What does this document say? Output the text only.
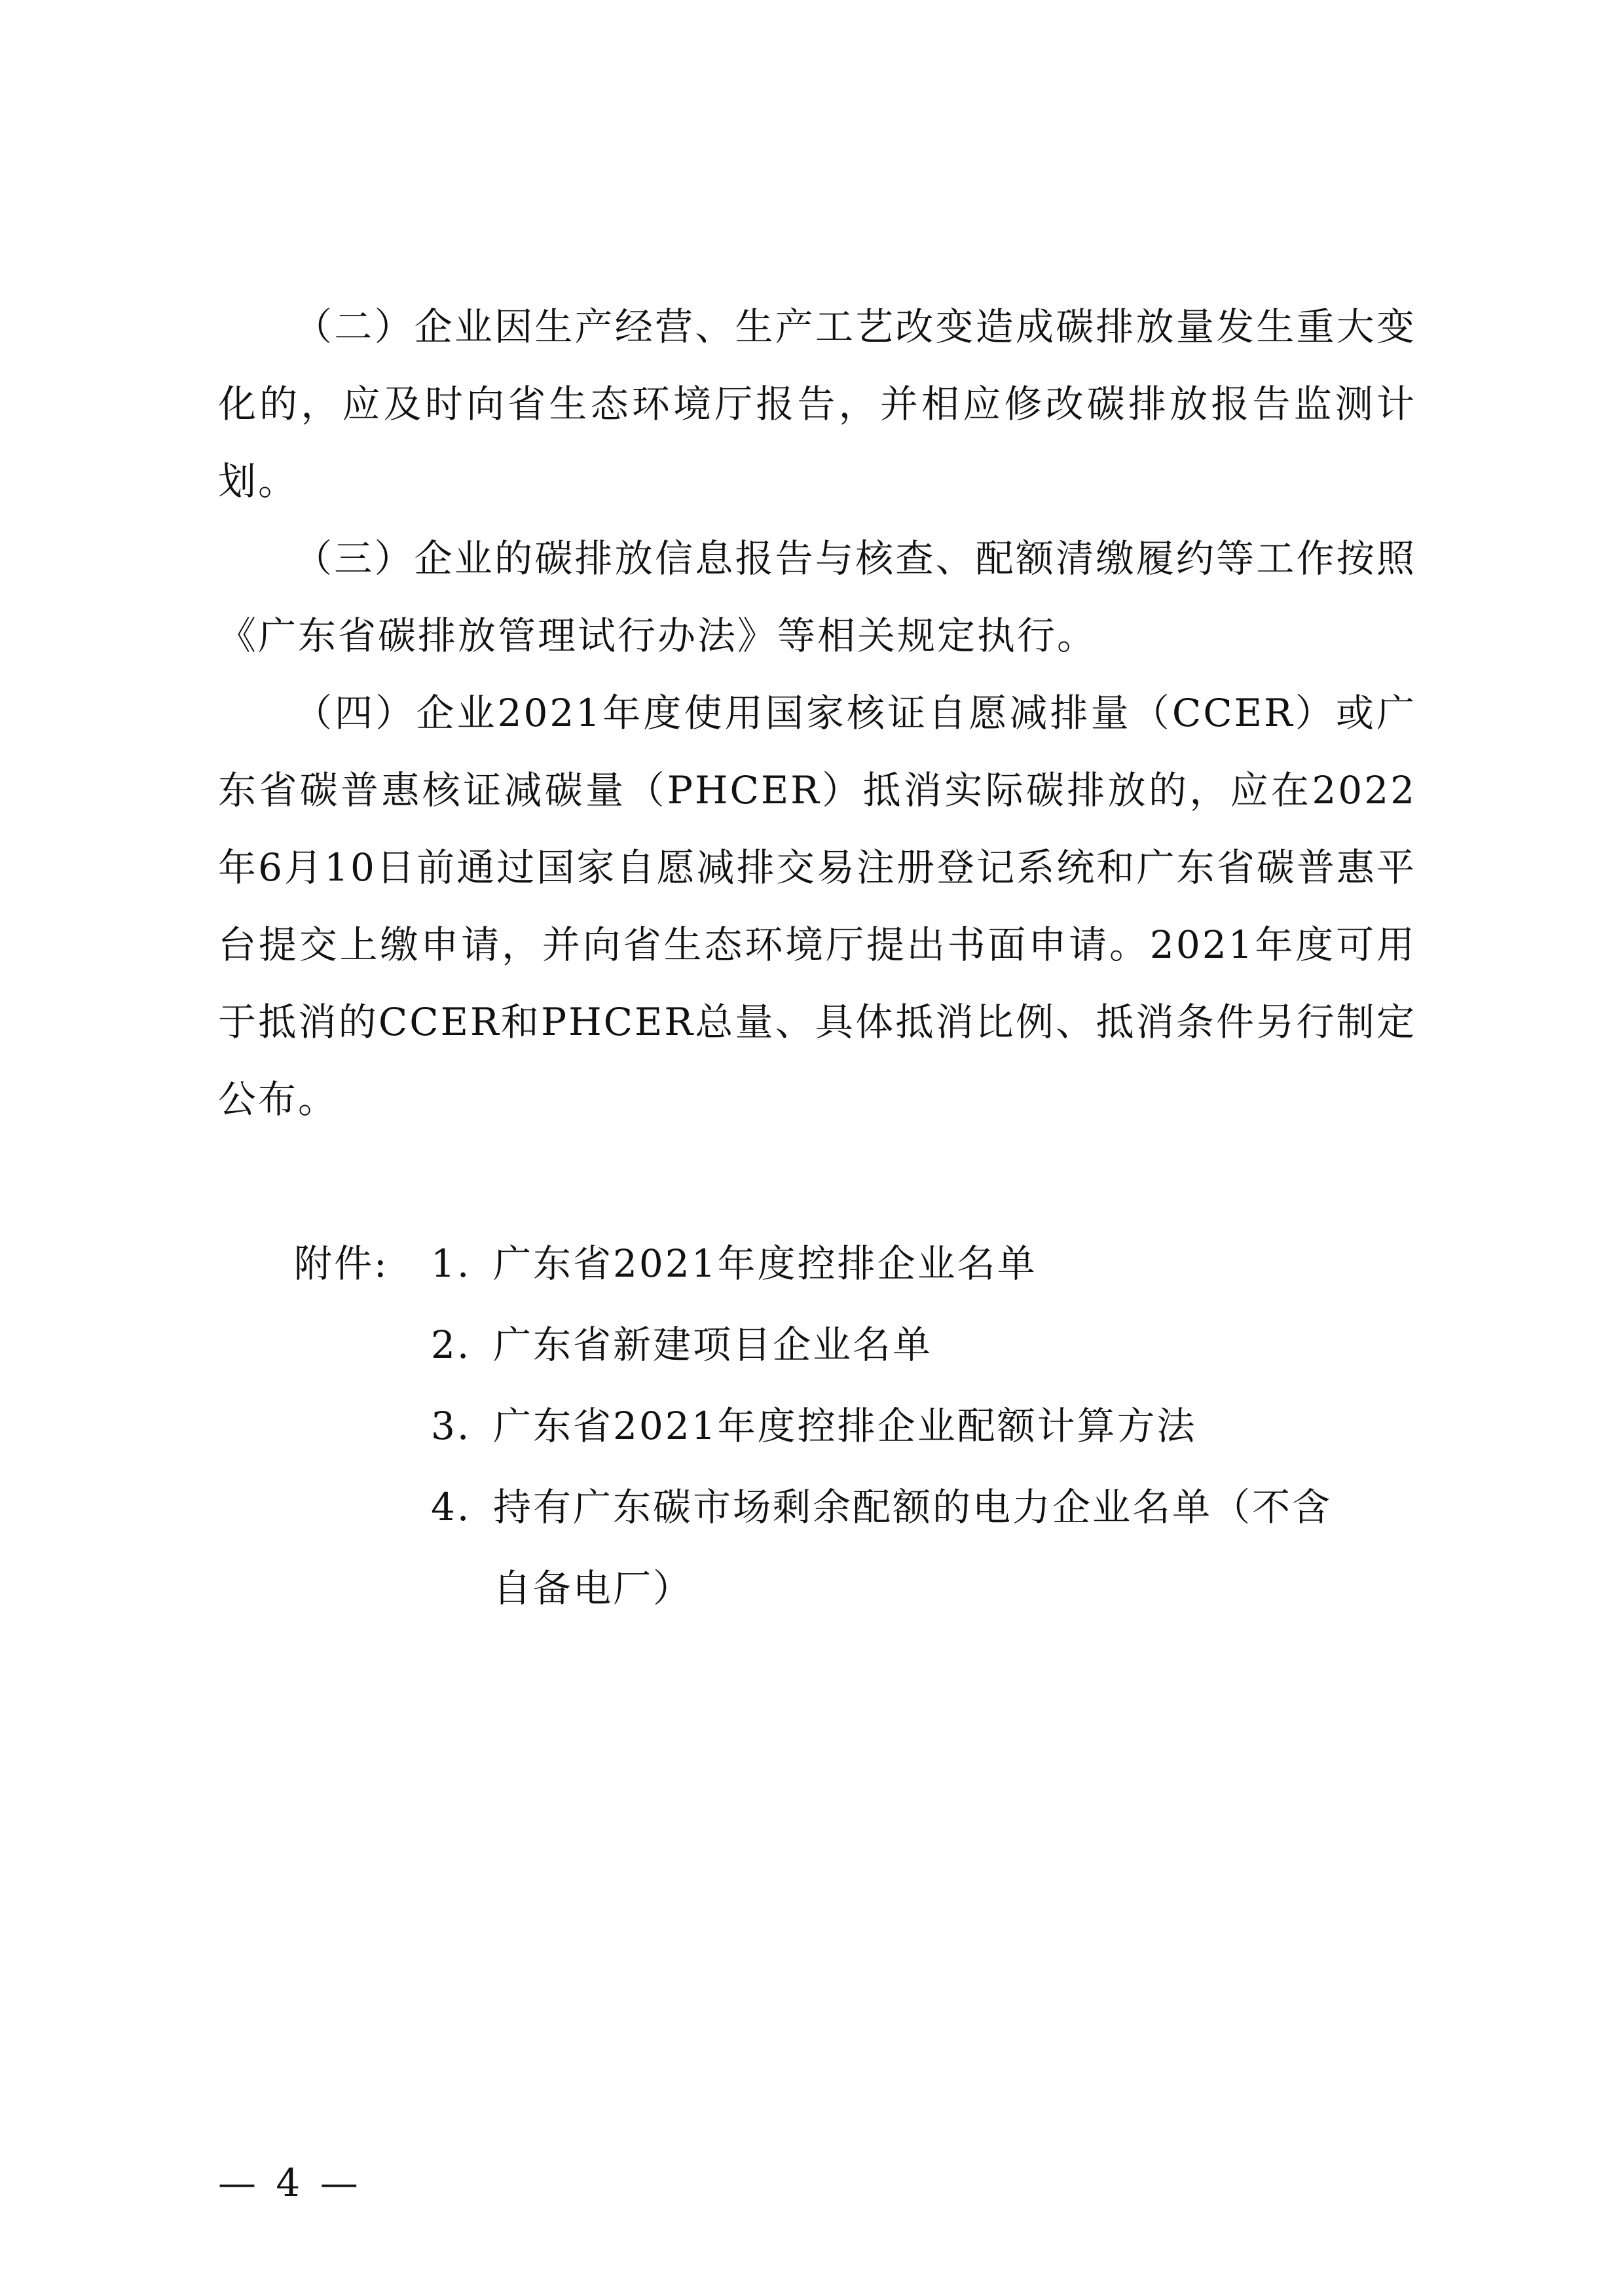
（二）企业因生产经营、生产工艺改变造成碳排放量发生重大变化的，应及时向省生态环境厅报告，并相应修改碳排放报告监测计划。

（三）企业的碳排放信息报告与核查、配额清缴履约等工作按照《广东省碳排放管理试行办法》等相关规定执行。

（四）企业2021年度使用国家核证自愿减排量（CCER）或广东省碳普惠核证减碳量（PHCER）抵消实际碳排放的，应在2022年6月10日前通过国家自愿减排交易注册登记系统和广东省碳普惠平台提交上缴申请，并向省生态环境厅提出书面申请。2021年度可用于抵消的CCER和PHCER总量、具体抵消比例、抵消条件另行制定公布。

附件: 1. 广东省2021年度控排企业名单
2. 广东省新建项目企业名单
3. 广东省2021年度控排企业配额计算方法
4. 持有广东碳市场剩余配额的电力企业名单（不含自备电厂）
— 4 —
